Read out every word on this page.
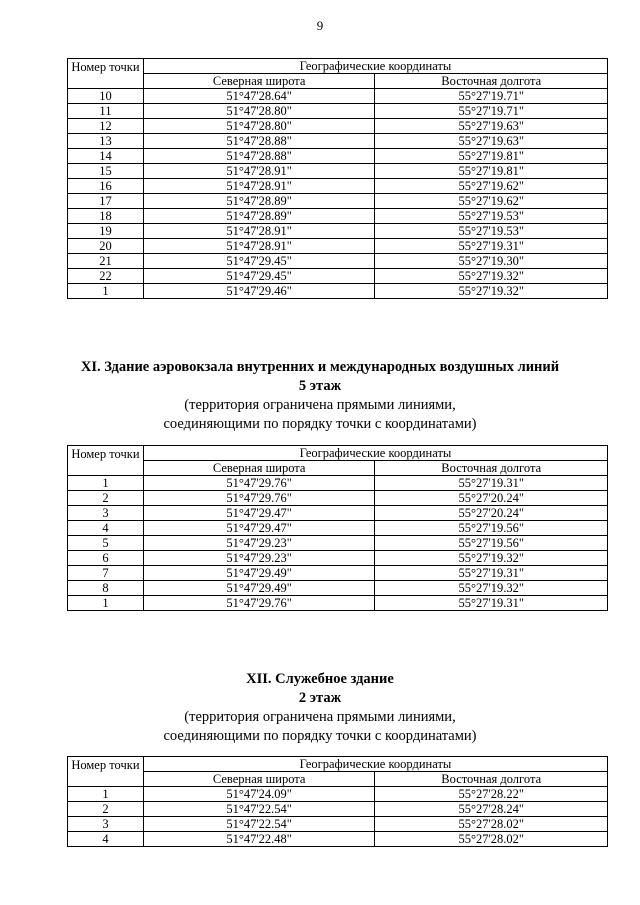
9
Номер точки	Географические координаты	
	Северная широта	Восточная долгота
10	51°47'28.64"	55°27'19.71"
11	51°47'28.80"	55°27'19.71"
12	51°47'28.80"	55°27'19.63"
13	51°47'28.88"	55°27'19.63"
14	51°47'28.88"	55°27'19.81"
15	51°47'28.91"	55°27'19.81"
16	51°47'28.91"	55°27'19.62"
17	51°47'28.89"	55°27'19.62"
18	51°47'28.89"	55°27'19.53"
19	51°47'28.91"	55°27'19.53"
20	51°47'28.91"	55°27'19.31"
21	51°47'29.45"	55°27'19.30"
22	51°47'29.45"	55°27'19.32"
1	51°47'29.46"	55°27'19.32"
XI. Здание аэровокзала внутренних и международных воздушных линий
5 этаж
(территория ограничена прямыми линиями,
соединяющими по порядку точки с координатами)
Номер точки	Географические координаты	
	Северная широта	Восточная долгота
1	51°47'29.76"	55°27'19.31"
2	51°47'29.76"	55°27'20.24"
3	51°47'29.47"	55°27'20.24"
4	51°47'29.47"	55°27'19.56"
5	51°47'29.23"	55°27'19.56"
6	51°47'29.23"	55°27'19.32"
7	51°47'29.49"	55°27'19.31"
8	51°47'29.49"	55°27'19.32"
1	51°47'29.76"	55°27'19.31"
XII. Служебное здание
2 этаж
(территория ограничена прямыми линиями,
соединяющими по порядку точки с координатами)
Номер точки	Географические координаты	
	Северная широта	Восточная долгота
1	51°47'24.09"	55°27'28.22"
2	51°47'22.54"	55°27'28.24"
3	51°47'22.54"	55°27'28.02"
4	51°47'22.48"	55°27'28.02"
